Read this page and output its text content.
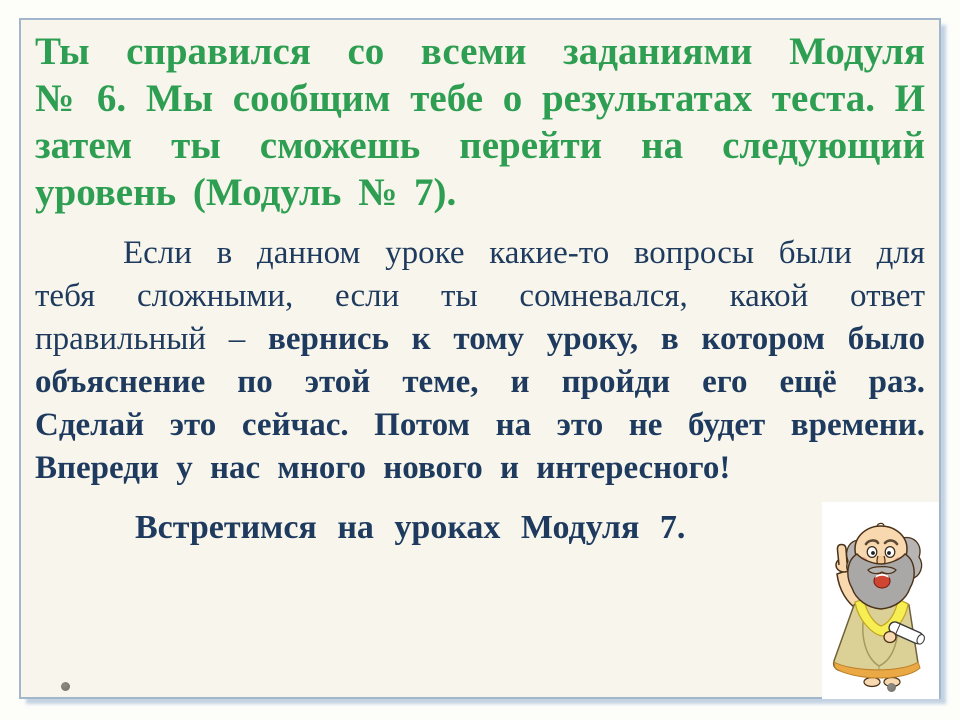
Ты справился со всеми заданиями Модуля № 6. Мы сообщим тебе о результатах теста. И затем ты сможешь перейти на следующий уровень (Модуль № 7).

Если в данном уроке какие-то вопросы были для тебя сложными, если ты сомневался, какой ответ правильный – вернись к тому уроку, в котором было объяснение по этой теме, и пройди его ещё раз. Сделай это сейчас. Потом на это не будет времени. Впереди у нас много нового и интересного!

Встретимся на уроках Модуля 7.
